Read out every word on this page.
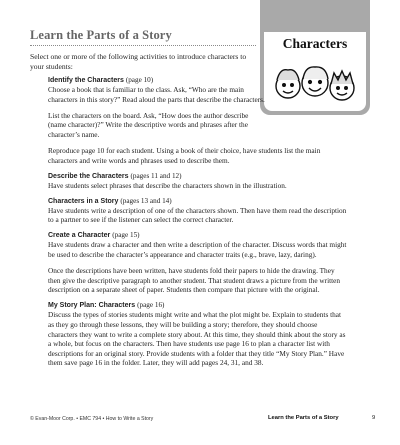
Learn the Parts of a Story
Characters

Select one or more of the following activities to introduce characters to your students:

Identify the Characters (page 10)

Choose a book that is familiar to the class. Ask, “Who are the main characters in this story?” Read aloud the parts that describe the characters.

List the characters on the board. Ask, “How does the author describe (name character)?” Write the descriptive words and phrases after the character’s name.

Reproduce page 10 for each student. Using a book of their choice, have students list the main characters and write words and phrases used to describe them.

Describe the Characters (pages 11 and 12)

Have students select phrases that describe the characters shown in the illustration.

Characters in a Story (pages 13 and 14)

Have students write a description of one of the characters shown. Then have them read the description to a partner to see if the listener can select the correct character.

Create a Character (page 15)

Have students draw a character and then write a description of the character. Discuss words that might be used to describe the character’s appearance and character traits (e.g., brave, lazy, daring).

Once the descriptions have been written, have students fold their papers to hide the drawing. They then give the descriptive paragraph to another student. That student draws a picture from the written description on a separate sheet of paper. Students then compare that picture with the original.

My Story Plan: Characters (page 16)

Discuss the types of stories students might write and what the plot might be. Explain to students that as they go through these lessons, they will be building a story; therefore, they should choose characters they want to write a complete story about. At this time, they should think about the story as a whole, but focus on the characters. Then have students use page 16 to plan a character list with descriptions for an original story. Provide students with a folder that they title “My Story Plan.” Have them save page 16 in the folder. Later, they will add pages 24, 31, and 38.

© Evan-Moor Corp. • EMC 794 • How to Write a Story	Learn the Parts of a Story	9
